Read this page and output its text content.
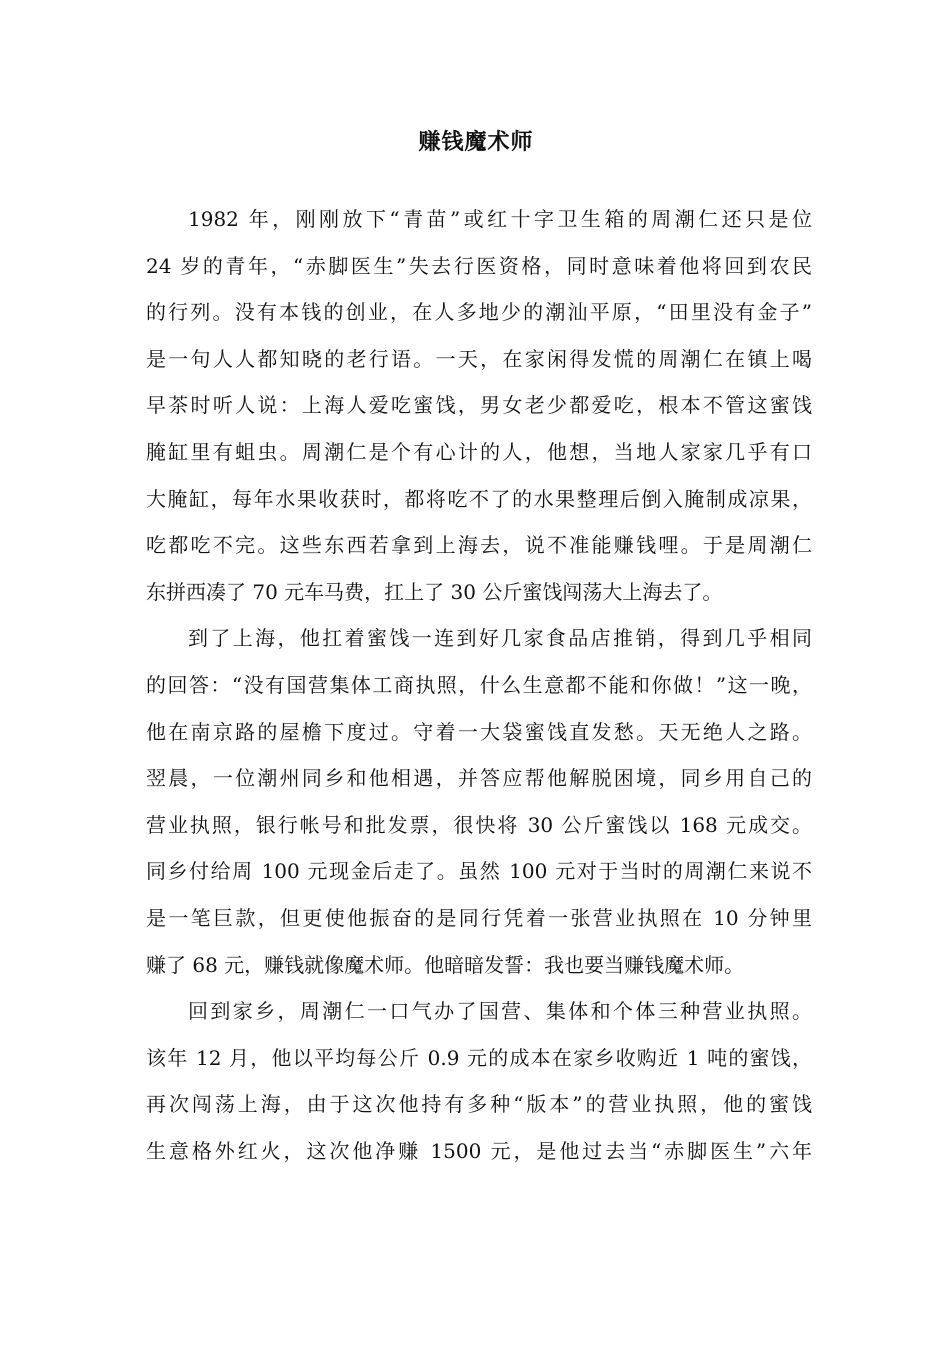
赚钱魔术师
1982 年，刚刚放下“青苗”或红十字卫生箱的周潮仁还只是位
24 岁的青年，“赤脚医生”失去行医资格，同时意味着他将回到农民
的行列。没有本钱的创业，在人多地少的潮汕平原，“田里没有金子”
是一句人人都知晓的老行语。一天，在家闲得发慌的周潮仁在镇上喝
早茶时听人说：上海人爱吃蜜饯，男女老少都爱吃，根本不管这蜜饯
腌缸里有蛆虫。周潮仁是个有心计的人，他想，当地人家家几乎有口
大腌缸，每年水果收获时，都将吃不了的水果整理后倒入腌制成凉果，
吃都吃不完。这些东西若拿到上海去，说不准能赚钱哩。于是周潮仁
东拼西凑了 70 元车马费，扛上了 30 公斤蜜饯闯荡大上海去了。
到了上海，他扛着蜜饯一连到好几家食品店推销，得到几乎相同
的回答：“没有国营集体工商执照，什么生意都不能和你做！”这一晚，
他在南京路的屋檐下度过。守着一大袋蜜饯直发愁。天无绝人之路。
翌晨，一位潮州同乡和他相遇，并答应帮他解脱困境，同乡用自己的
营业执照，银行帐号和批发票，很快将 30 公斤蜜饯以 168 元成交。
同乡付给周 100 元现金后走了。虽然 100 元对于当时的周潮仁来说不
是一笔巨款，但更使他振奋的是同行凭着一张营业执照在 10 分钟里
赚了 68 元，赚钱就像魔术师。他暗暗发誓：我也要当赚钱魔术师。
回到家乡，周潮仁一口气办了国营、集体和个体三种营业执照。
该年 12 月，他以平均每公斤 0.9 元的成本在家乡收购近 1 吨的蜜饯，
再次闯荡上海，由于这次他持有多种“版本”的营业执照，他的蜜饯
生意格外红火，这次他净赚 1500 元，是他过去当“赤脚医生”六年
